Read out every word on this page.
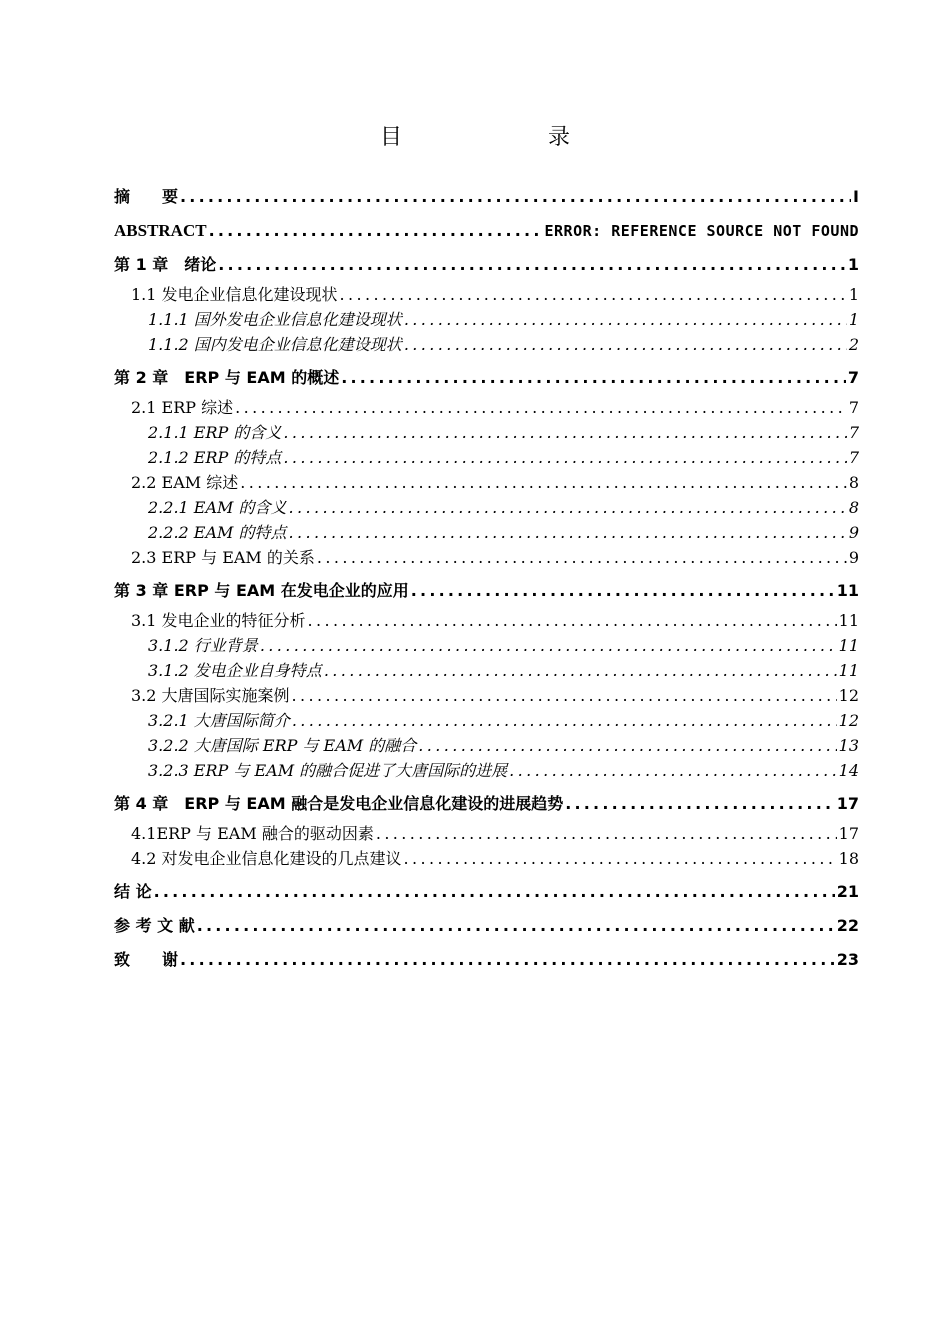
目　　录
摘　　要 .....	I
ABSTRACT .....	ERROR: REFERENCE SOURCE NOT FOUND
第 1 章　绪论 .....	1
1.1 发电企业信息化建设现状 .....	1
1.1.1 国外发电企业信息化建设现状 .....	1
1.1.2 国内发电企业信息化建设现状 .....	2
第 2 章　ERP 与 EAM 的概述 .....	7
2.1 ERP 综述 .....	7
2.1.1 ERP 的含义 .....	7
2.1.2 ERP 的特点 .....	7
2.2 EAM 综述 .....	8
2.2.1 EAM 的含义 .....	8
2.2.2 EAM 的特点 .....	9
2.3 ERP 与 EAM 的关系 .....	9
第 3 章 ERP 与 EAM 在发电企业的应用 .....	11
3.1 发电企业的特征分析 .....	11
3.1.2 行业背景 .....	11
3.1.2 发电企业自身特点 .....	11
3.2 大唐国际实施案例 .....	12
3.2.1 大唐国际简介 .....	12
3.2.2 大唐国际 ERP 与 EAM 的融合 .....	13
3.2.3 ERP 与 EAM 的融合促进了大唐国际的进展 .....	14
第 4 章　ERP 与 EAM 融合是发电企业信息化建设的进展趋势 .....	17
4.1ERP 与 EAM 融合的驱动因素 .....	17
4.2 对发电企业信息化建设的几点建议 .....	18
结 论 .....	21
参 考 文 献 .....	22
致　　谢 .....	23
